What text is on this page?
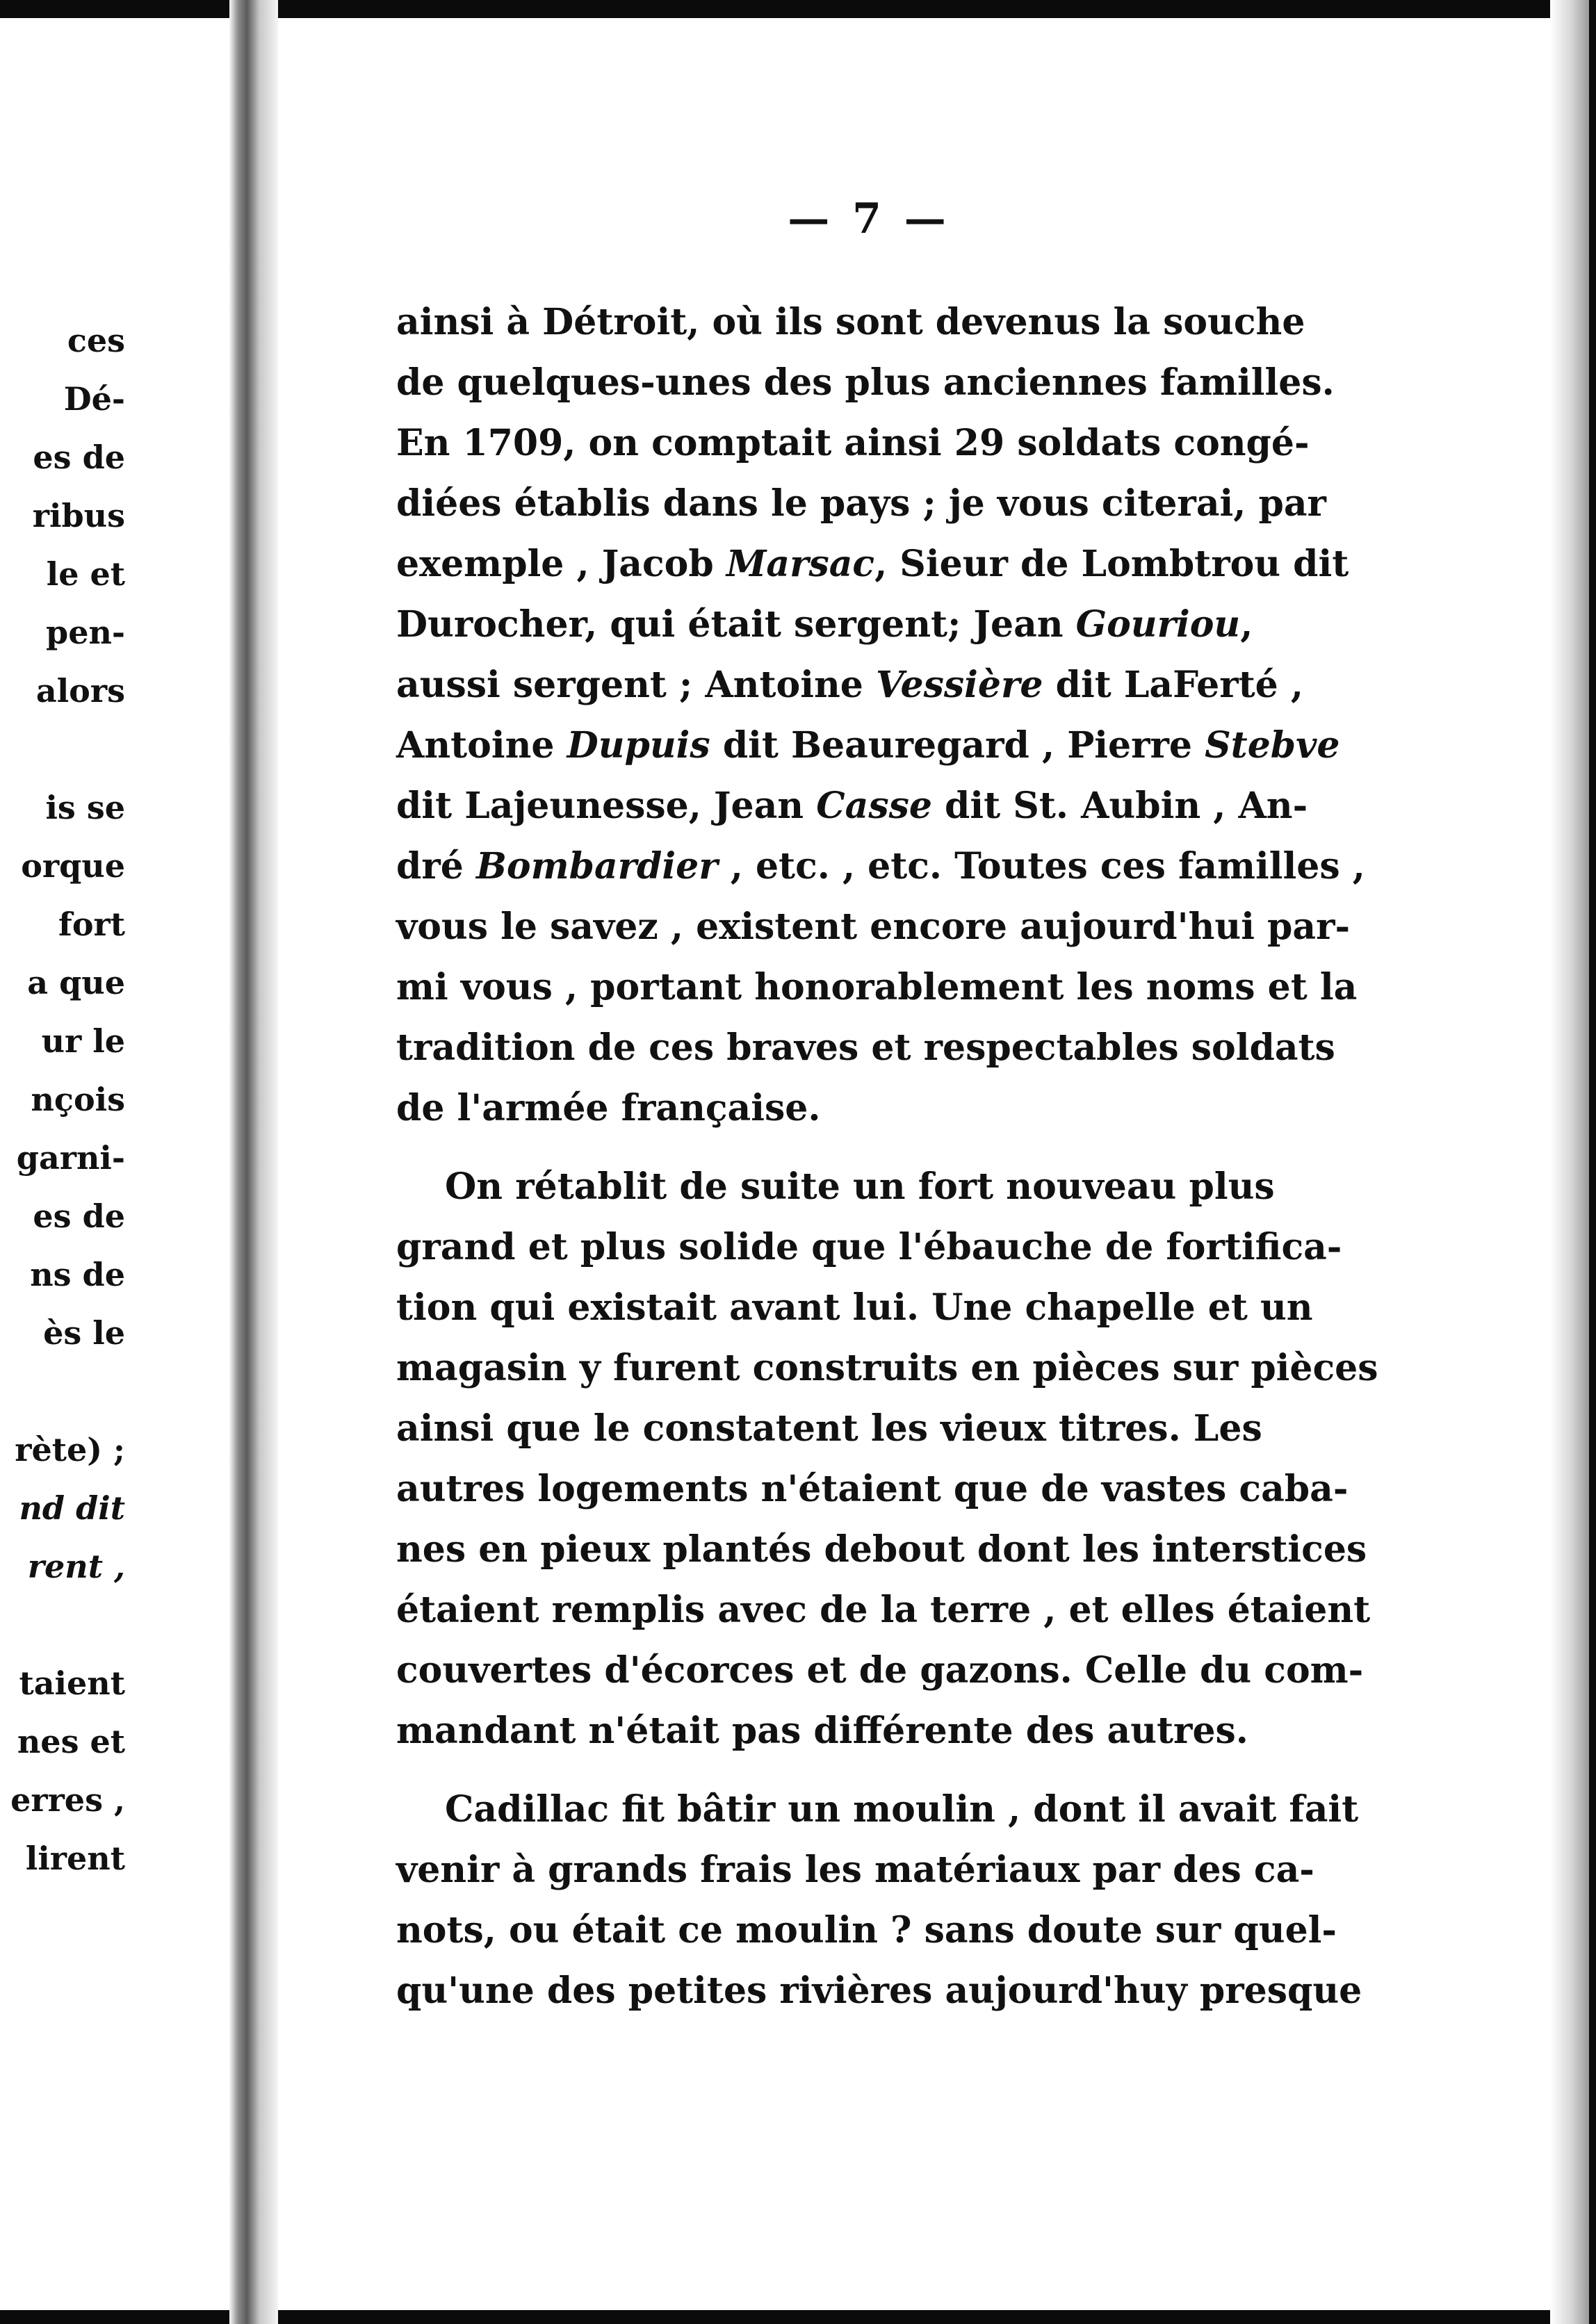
ces
Dé-
es de
ribus
le et
pen-
alors
is se
orque
fort
a que
ur le
nçois
garni-
es de
ns de
ès le
rète) ;
nd dit
rent ,
taient
nes et
erres ,
lirent
— 7 —
ainsi à Détroit, où ils sont devenus la souche
de quelques-unes des plus anciennes familles.
En 1709, on comptait ainsi 29 soldats congé-
diées établis dans le pays ; je vous citerai, par
exemple , Jacob Marsac, Sieur de Lombtrou dit
Durocher, qui était sergent; Jean Gouriou,
aussi sergent ; Antoine Vessière dit LaFerté ,
Antoine Dupuis dit Beauregard , Pierre Stebve
dit Lajeunesse, Jean Casse dit St. Aubin , An-
dré Bombardier , etc. , etc. Toutes ces familles ,
vous le savez , existent encore aujourd'hui par-
mi vous , portant honorablement les noms et la
tradition de ces braves et respectables soldats
de l'armée française.
On rétablit de suite un fort nouveau plus
grand et plus solide que l'ébauche de fortifica-
tion qui existait avant lui. Une chapelle et un
magasin y furent construits en pièces sur pièces
ainsi que le constatent les vieux titres. Les
autres logements n'étaient que de vastes caba-
nes en pieux plantés debout dont les interstices
étaient remplis avec de la terre , et elles étaient
couvertes d'écorces et de gazons. Celle du com-
mandant n'était pas différente des autres.
Cadillac fit bâtir un moulin , dont il avait fait
venir à grands frais les matériaux par des ca-
nots, ou était ce moulin ? sans doute sur quel-
qu'une des petites rivières aujourd'huy presque
